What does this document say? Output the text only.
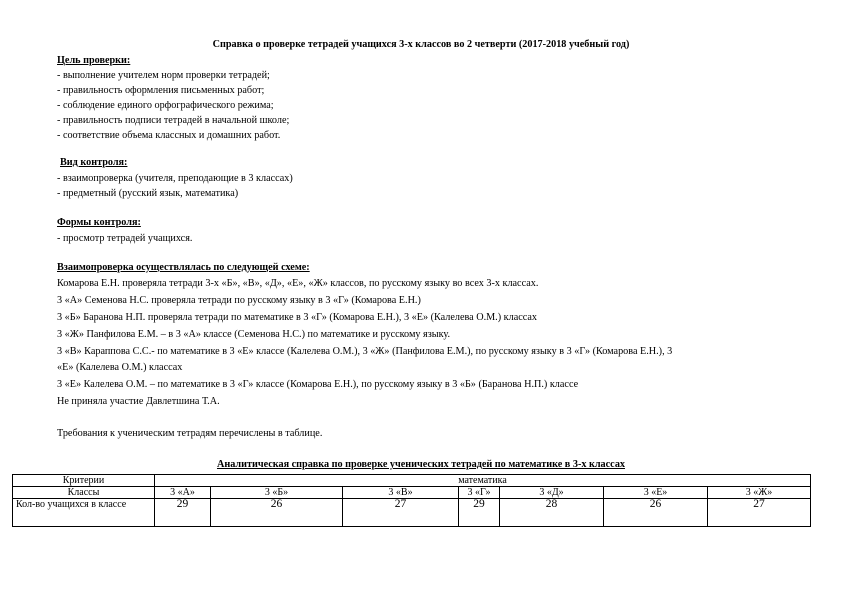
Справка о проверке тетрадей учащихся 3-х классов во 2 четверти (2017-2018 учебный год)
Цель проверки:
- выполнение учителем норм проверки тетрадей;
- правильность оформления письменных работ;
- соблюдение единого орфографического режима;
- правильность подписи тетрадей в начальной школе;
- соответствие объема классных и домашних работ.
Вид контроля:
- взаимопроверка (учителя, преподающие в 3 классах)
- предметный (русский язык, математика)
Формы контроля:
- просмотр тетрадей учащихся.
Взаимопроверка осуществлялась по следующей схеме:
Комарова Е.Н. проверяла тетради 3-х «Б», «В», «Д», «Е», «Ж» классов, по русскому языку во всех 3-х классах.
3 «А» Семенова Н.С. проверяла тетради по русскому языку в 3 «Г» (Комарова Е.Н.)
3 «Б» Баранова Н.П. проверяла тетради по математике в 3 «Г» (Комарова Е.Н.), 3 «Е» (Калелева О.М.) классах
3 «Ж» Панфилова Е.М. – в 3 «А» классе (Семенова Н.С.) по математике и русскому языку.
3 «В» Караппова С.С.- по математике в 3 «Е» классе (Калелева О.М.), 3 «Ж» (Панфилова Е.М.), по русскому языку в 3 «Г» (Комарова Е.Н.), 3
«Е» (Калелева О.М.) классах
3 «Е» Калелева О.М. – по математике в 3 «Г» классе (Комарова Е.Н.), по русскому языку в 3 «Б» (Баранова Н.П.) классе
Не приняла участие Давлетшина Т.А.
Требования к ученическим тетрадям перечислены в таблице.
Аналитическая справка по проверке ученических тетрадей по математике в 3-х классах
Критерии	математика						
Классы	3 «А»	3 «Б»	3 «В»	3 «Г»	3 «Д»	3 «Е»	3 «Ж»
Кол-во учащихся в классе	29	26	27	29	28	26	27
